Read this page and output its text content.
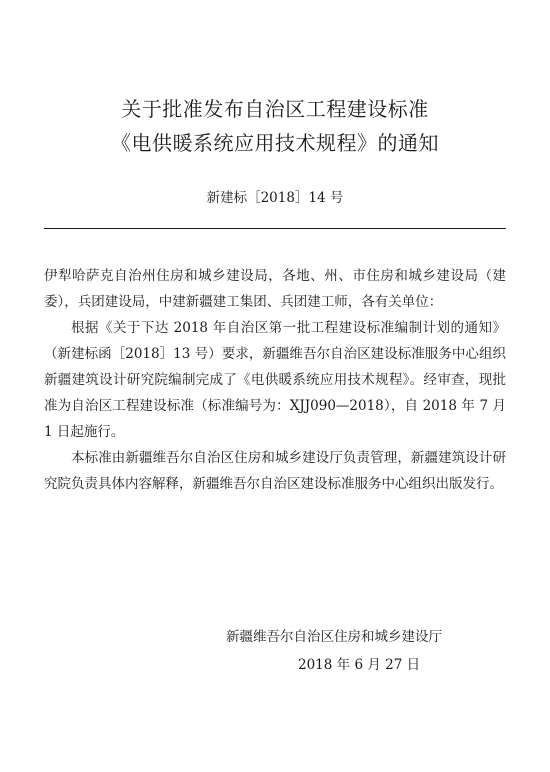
关于批准发布自治区工程建设标准
《电供暖系统应用技术规程》的通知
新建标［2018］14 号

伊犁哈萨克自治州住房和城乡建设局，各地、州、市住房和城乡建设局（建委），兵团建设局，中建新疆建工集团、兵团建工师，各有关单位：

根据《关于下达 2018 年自治区第一批工程建设标准编制计划的通知》（新建标函［2018］13 号）要求，新疆维吾尔自治区建设标准服务中心组织新疆建筑设计研究院编制完成了《电供暖系统应用技术规程》。经审查，现批准为自治区工程建设标准（标准编号为：XJJ090—2018），自 2018 年 7 月 1 日起施行。

本标准由新疆维吾尔自治区住房和城乡建设厅负责管理，新疆建筑设计研究院负责具体内容解释，新疆维吾尔自治区建设标准服务中心组织出版发行。

新疆维吾尔自治区住房和城乡建设厅
2018 年 6 月 27 日
